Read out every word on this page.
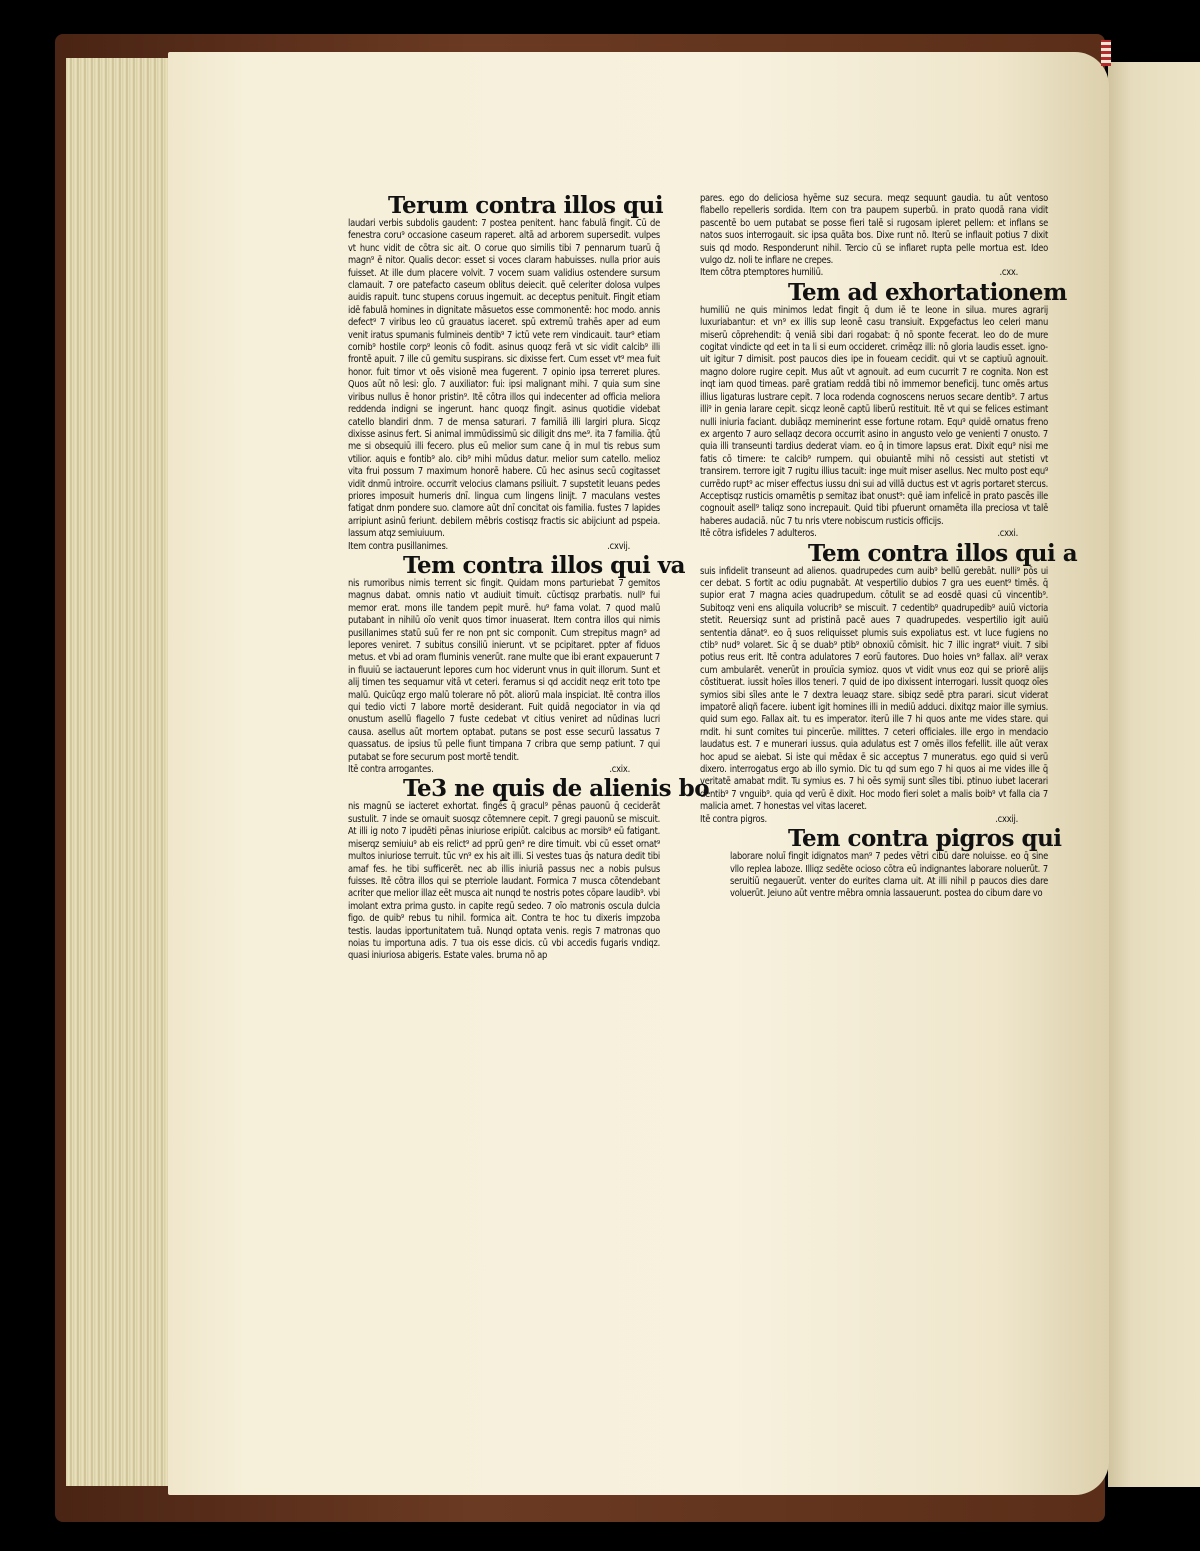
Terum contra illos qui

laudari verbis subdolis gaudent: 7 postea penitent. hanc fabulā fingit. Cū de fenestra coru⁹ occasione caseum raperet. altā ad arborem supersedit. vulpes vt hunc vidit de cōtra sic ait. O corue quo similis tibi 7 pennarum tuarū q̄ magn⁹ ē nitor. Qualis decor: esset si voces claram habuisses. nulla prior auis fuisset. At ille dum placere volvit. 7 vocem suam validius ostendere sursum clamauit. 7 ore patefacto caseum oblitus deiecit. quē celeriter dolosa vulpes auidis rapuit. tunc stupens coruus ingemuit. ac deceptus penituit. Fingit etiam idē fabulā homines in dignitate māsuetos esse commonentē: hoc modo. annis defect⁹ 7 viribus leo cū grauatus iaceret. spū extremū trahēs aper ad eum venit iratus spumanis fulmineis dentib⁹ 7 ictū vete rem vindicauit. taur⁹ etiam cornib⁹ hostile corp⁹ leonis cō fodit. asinus quoqz ferā vt sic vidit calcib⁹ illi frontē apuit. 7 ille cū gemitu suspirans. sic dixisse fert. Cum esset vt⁹ mea fuit honor. fuit timor vt oēs visionē mea fugerent. 7 opinio ipsa terreret plures. Quos aūt nō lesi: gl̄o. 7 auxiliator: fui: ipsi malignant mihi. 7 quia sum sine viribus nullus ē honor pristin⁹. Itē cōtra illos qui indecenter ad officia meliora reddenda indigni se ingerunt. hanc quoqz fingit. asinus quotidie videbat catello blandiri dnm. 7 de mensa saturari. 7 familiā illi largiri plura. Sicqz dixisse asinus fert. Si animal immūdissimū sic diligit dns me⁹. ita 7 familia. q̄tū me si obsequiū illi fecero. plus eū melior sum cane q̄ in mul tis rebus sum vtilior. aquis e fontib⁹ alo. cib⁹ mihi mūdus datur. melior sum catello. melioz vita frui possum 7 maximum honorē habere. Cū hec asinus secū cogitasset vidit dnmū introire. occurrit velocius clamans psiliuit. 7 supstetit leuans pedes priores imposuit humeris dnī. lingua cum lingens linijt. 7 maculans vestes fatigat dnm pondere suo. clamore aūt dnī concitat ois familia. fustes 7 lapides arripiunt asinū feriunt. debilem mēbris costisqz fractis sic abijciunt ad pspeia. lassum atqz semiuiuum.

Item contra pusillanimes.	.cxvij.
Tem contra illos qui va

nis rumoribus nimis terrent sic fingit. Quidam mons parturiebat 7 gemitos magnus dabat. omnis natio vt audiuit timuit. cūctisqz prarbatis. null⁹ fui memor erat. mons ille tandem pepit murē. hu⁹ fama volat. 7 quod malū putabant in nihilū oīo venit quos timor inuaserat. Item contra illos qui nimis pusillanimes statū suū fer re non pnt sic componit. Cum strepitus magn⁹ ad lepores veniret. 7 subitus consiliū inierunt. vt se pcipitaret. ppter af fiduos metus. et vbi ad oram fluminis venerūt. rane multe que ibi erant expauerunt 7 in fluuiū se iactauerunt lepores cum hoc viderunt vnus in quit illorum. Sunt et alij timen tes sequamur vitā vt ceteri. feramus si qd accidit neqz erit toto tpe malū. Quicūqz ergo malū tolerare nō pōt. aliorū mala inspiciat. Itē contra illos qui tedio victi 7 labore mortē desiderant. Fuit quidā negociator in via qd onustum asellū flagello 7 fuste cedebat vt citius veniret ad nūdinas lucri causa. asellus aūt mortem optabat. putans se post esse securū lassatus 7 quassatus. de ipsius tū pelle fiunt timpana 7 cribra que semp patiunt. 7 qui putabat se fore securum post mortē tendit.

Itē contra arrogantes.	.cxix.
Te3 ne quis de alienis bo

nis magnū se iacteret exhortat. fingēs q̄ gracul⁹ pēnas pauonū q̄ ceciderāt sustulit. 7 inde se ornauit suosqz cōtemnere cepit. 7 gregi pauonū se miscuit. At illi ig noto 7 ipudēti pēnas iniuriose eripiūt. calcibus ac morsib⁹ eū fatigant. miserqz semiuiu⁹ ab eis relict⁹ ad pprū gen⁹ re dire timuit. vbi cū esset ornat⁹ multos iniuriose terruit. tūc vn⁹ ex his ait illi. Si vestes tuas q̄s natura dedit tibi amaf fes. he tibi sufficerēt. nec ab illis iniuriā passus nec a nobis pulsus fuisses. Itē cōtra illos qui se pterriole laudant. Formica 7 musca cōtendebant acriter que melior illaz eēt musca ait nunqd te nostris potes cōpare laudib⁹. vbi imolant extra prima gusto. in capite regū sedeo. 7 oīo matronis oscula dulcia figo. de quib⁹ rebus tu nihil. formica ait. Contra te hoc tu dixeris impzoba testis. laudas ipportunitatem tuā. Nunqd optata venis. regis 7 matronas quo noias tu importuna adis. 7 tua ois esse dicis. cū vbi accedis fugaris vndiqz. quasi iniuriosa abigeris. Estate vales. bruma nō ap

pares. ego do deliciosa hyēme suz secura. meqz sequunt gaudia. tu aūt ventoso flabello repelleris sordida. Item con tra paupem superbū. in prato quodā rana vidit pascentē bo uem putabat se posse fieri talē si rugosam ipleret pellem: et inflans se natos suos interrogauit. sic ipsa quāta bos. Dixe runt nō. Iterū se inflauit potius 7 dixit suis qd modo. Responderunt nihil. Tercio cū se inflaret rupta pelle mortua est. Ideo vulgo dz. noli te inflare ne crepes.

Item cōtra ptemptores humiliū.	.cxx.
Tem ad exhortationem

humiliū ne quis minimos ledat fingit q̄ dum iē te leone in silua. mures agrarij luxuriabantur: et vn⁹ ex illis sup leonē casu transiuit. Expgefactus leo celeri manu miserū cōprehendit: q̄ veniā sibi dari rogabat: q̄ nō sponte fecerat. leo do de mure cogitat vindicte qd eet in ta li si eum occideret. crimēqz illi: nō gloria laudis esset. ignouit igitur 7 dimisit. post paucos dies ipe in foueam cecidit. qui vt se captiuū agnouit. magno dolore rugire cepit. Mus aūt vt agnouit. ad eum cucurrit 7 re cognita. Non est inqt iam quod timeas. parē gratiam reddā tibi nō immemor beneficij. tunc omēs artus illius ligaturas lustrare cepit. 7 loca rodenda cognoscens neruos secare dentib⁹. 7 artus illi⁹ in genia larare cepit. sicqz leonē captū liberū restituit. Itē vt qui se felices estimant nulli iniuria faciant. dubiāqz meminerint esse fortune rotam. Equ⁹ quidē ornatus freno ex argento 7 auro sellaqz decora occurrit asino in angusto velo ge venienti 7 onusto. 7 quia illi transeunti tardius dederat viam. eo q̄ in timore lapsus erat. Dixit equ⁹ nisi me fatis cō timere: te calcib⁹ rumpem. qui obuiantē mihi nō cessisti aut stetisti vt transirem. terrore igit 7 rugitu illius tacuit: inge muit miser asellus. Nec multo post equ⁹ currēdo rupt⁹ ac miser effectus iussu dni sui ad villā ductus est vt agris portaret stercus. Acceptisqz rusticis ornamētis p semitaz ibat onust⁹: quē iam infelicē in prato pascēs ille cognouit asell⁹ taliqz sono increpauit. Quid tibi pfuerunt ornamēta illa preciosa vt talē haberes audaciā. nūc 7 tu nris vtere nobiscum rusticis officijs.

Itē cōtra isfideles 7 adulteros.	.cxxi.
Tem contra illos qui a

suis infidelit transeunt ad alienos. quadrupedes cum auib⁹ bellū gerebāt. nulli⁹ pōs ui cer debat. S fortit ac odiu pugnabāt. At vespertilio dubios 7 gra ues euent⁹ timēs. q̄ supior erat 7 magna acies quadrupedum. cōtulit se ad eosdē quasi cū vincentib⁹. Subitoqz veni ens aliquila volucrib⁹ se miscuit. 7 cedentib⁹ quadrupedib⁹ auiū victoria stetit. Reuersiqz sunt ad pristinā pacē aues 7 quadrupedes. vespertilio igit auiū sententia dānat⁹. eo q̄ suos reliquisset plumis suis expoliatus est. vt luce fugiens no ctib⁹ nud⁹ volaret. Sic q̄ se duab⁹ ptib⁹ obnoxiū cōmisit. hic 7 illic ingrat⁹ viuit. 7 sibi potius reus erit. Itē contra adulatores 7 eorū fautores. Duo hoies vn⁹ fallax. ali⁹ verax cum ambularēt. venerūt in prouīcia symioz. quos vt vidit vnus eoz qui se priorē alijs cōstituerat. iussit hoīes illos teneri. 7 quid de ipo dixissent interrogari. Iussit quoqz oīes symios sibi sīles ante le 7 dextra leuaqz stare. sibiqz sedē ptra parari. sicut viderat impatorē aliqñ facere. iubent igit homines illi in mediū adduci. dixitqz maior ille symius. quid sum ego. Fallax ait. tu es imperator. iterū ille 7 hi quos ante me vides stare. qui rndit. hi sunt comites tui pincerūe. milittes. 7 ceteri officiales. ille ergo in mendacio laudatus est. 7 e munerari iussus. quia adulatus est 7 omēs illos fefellit. ille aūt verax hoc apud se aiebat. Si iste qui mēdax ē sic acceptus 7 muneratus. ego quid si verū dixero. interrogatus ergo ab illo symio. Dic tu qd sum ego 7 hi quos ai me vides ille q̄ veritatē amabat rndit. Tu symius es. 7 hi oēs symij sunt sīles tibi. ptinuo iubet lacerari dentib⁹ 7 vnguib⁹. quia qd verū ē dixit. Hoc modo fieri solet a malis boib⁹ vt falla cia 7 malicia amet. 7 honestas vel vitas laceret.

Itē contra pigros.	.cxxij.
Tem contra pigros qui

laborare noluī fingit idignatos man⁹ 7 pedes vētri cibū dare noluisse. eo q̄ sine vllo replea laboze. Illiqz sedēte ocioso cōtra eū indignantes laborare noluerūt. 7 seruitiū negauerūt. venter do eurites clama uit. At illi nihil p paucos dies dare voluerūt. Jeiuno aūt ventre mēbra omnia lassauerunt. postea do cibum dare vo
